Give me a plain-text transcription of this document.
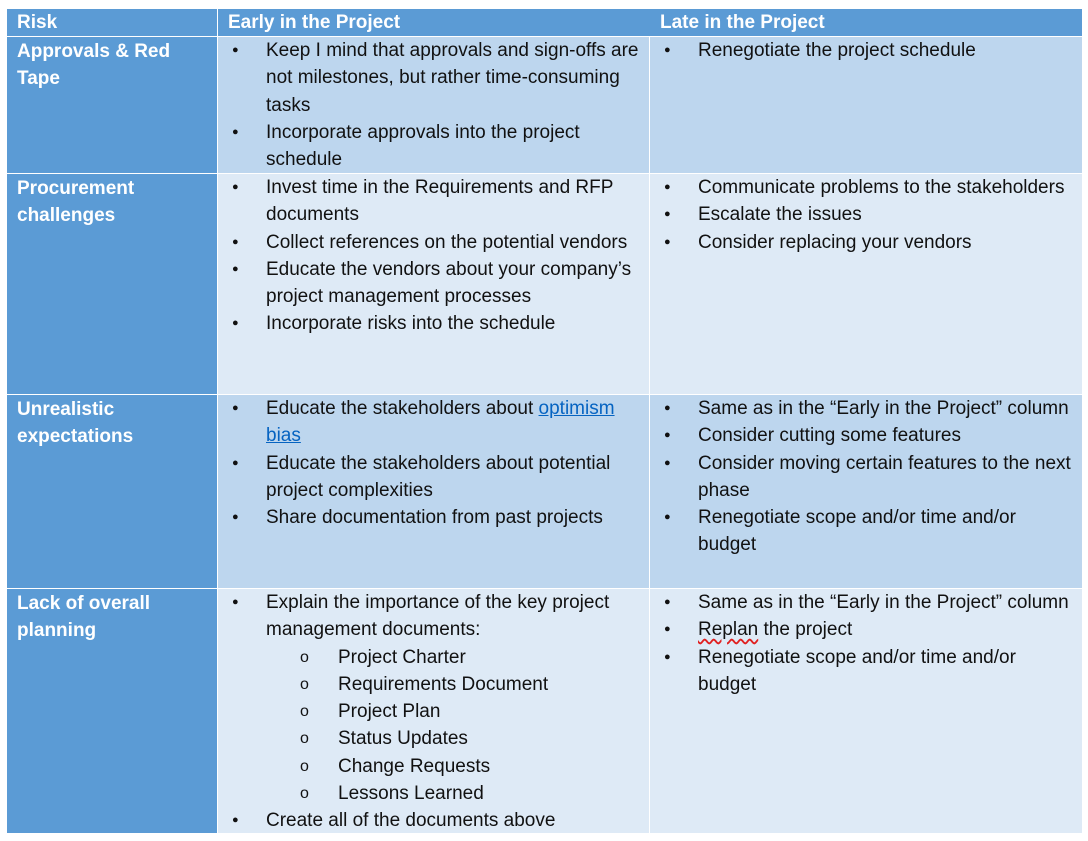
Risk	Early in the Project	Late in the Project
Approvals & Red Tape
● Keep I mind that approvals and sign-offs are not milestones, but rather time-consuming tasks
● Incorporate approvals into the project schedule
● Renegotiate the project schedule
Procurement challenges
● Invest time in the Requirements and RFP documents
● Collect references on the potential vendors
● Educate the vendors about your company’s project management processes
● Incorporate risks into the schedule
● Communicate problems to the stakeholders
● Escalate the issues
● Consider replacing your vendors
Unrealistic expectations
● Educate the stakeholders about optimism bias
● Educate the stakeholders about potential project complexities
● Share documentation from past projects
● Same as in the “Early in the Project” column
● Consider cutting some features
● Consider moving certain features to the next phase
● Renegotiate scope and/or time and/or budget
Lack of overall planning
● Explain the importance of the key project management documents:
o Project Charter
o Requirements Document
o Project Plan
o Status Updates
o Change Requests
o Lessons Learned
● Create all of the documents above
● Same as in the “Early in the Project” column
● Replan the project
● Renegotiate scope and/or time and/or budget
